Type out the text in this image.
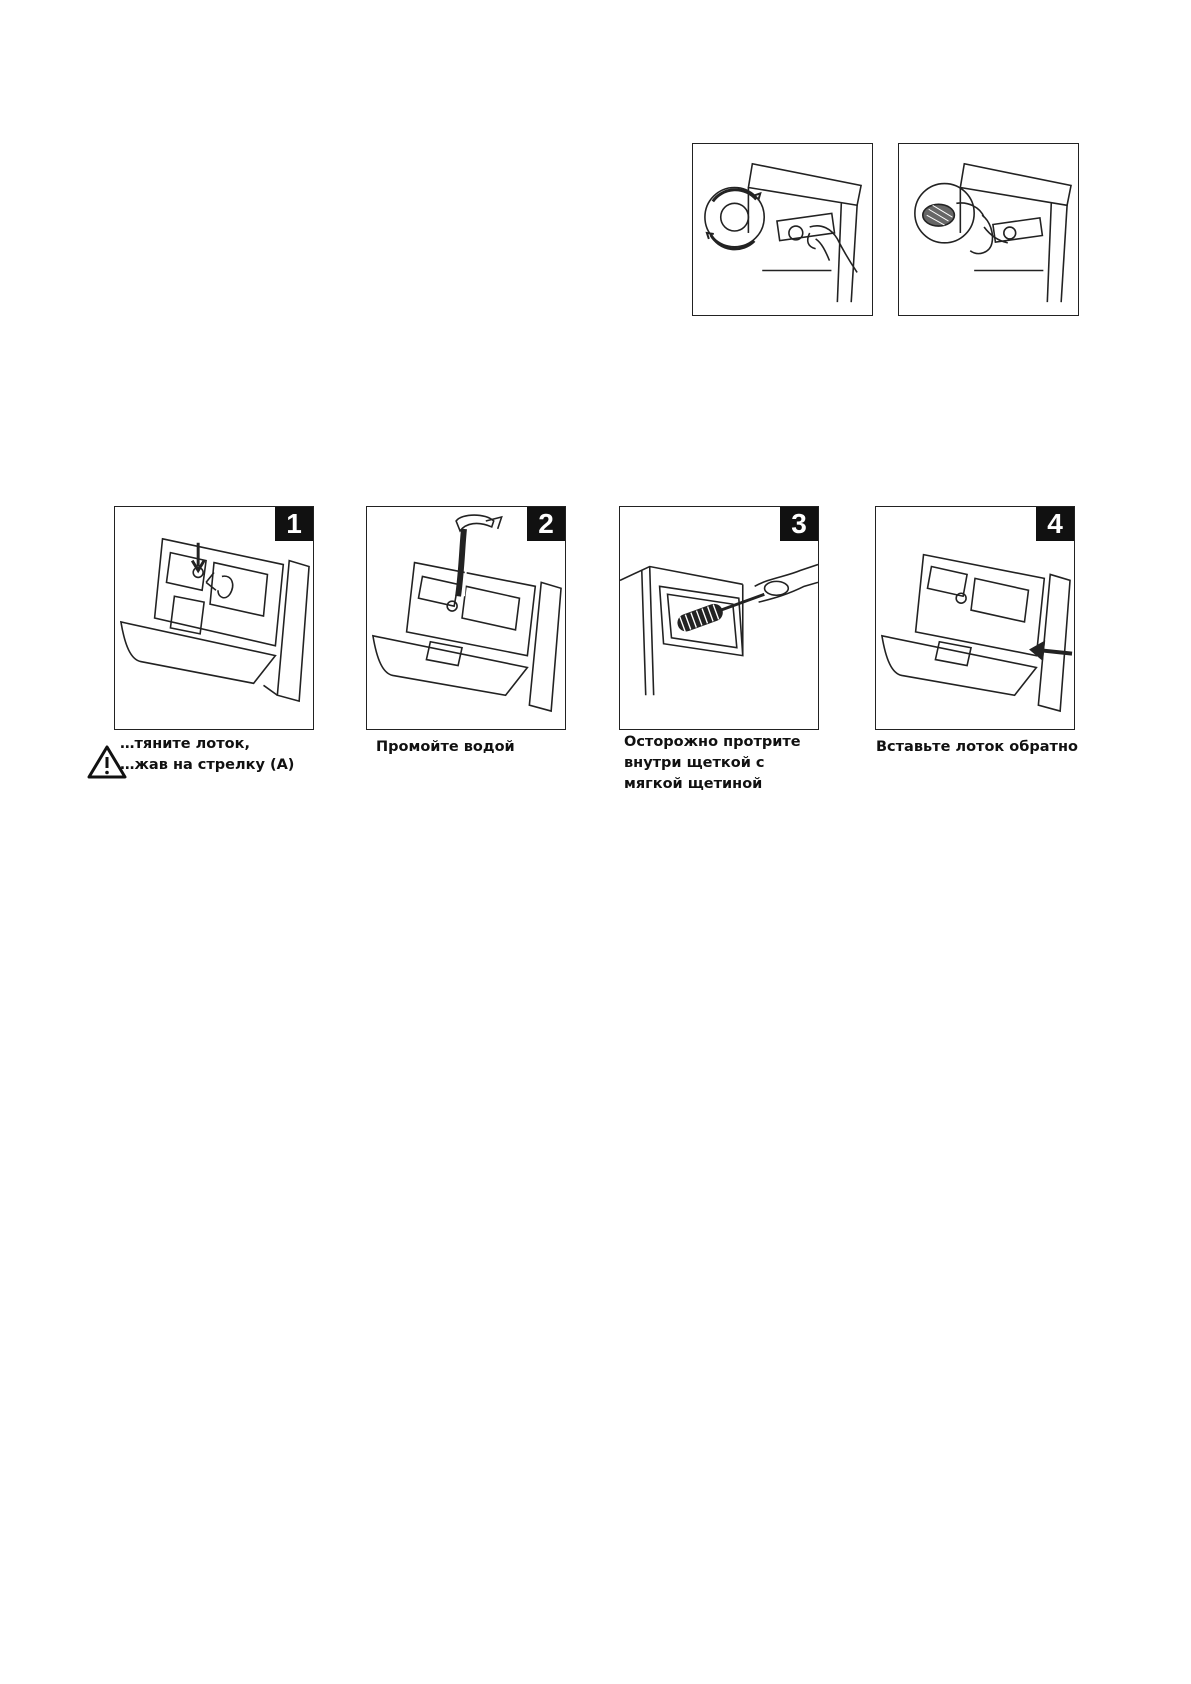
1
…тяните лоток,
…жав на стрелку (A)
2
Промойте водой
3
Осторожно протрите
внутри щеткой с
мягкой щетиной
4
Вставьте лоток обратно
